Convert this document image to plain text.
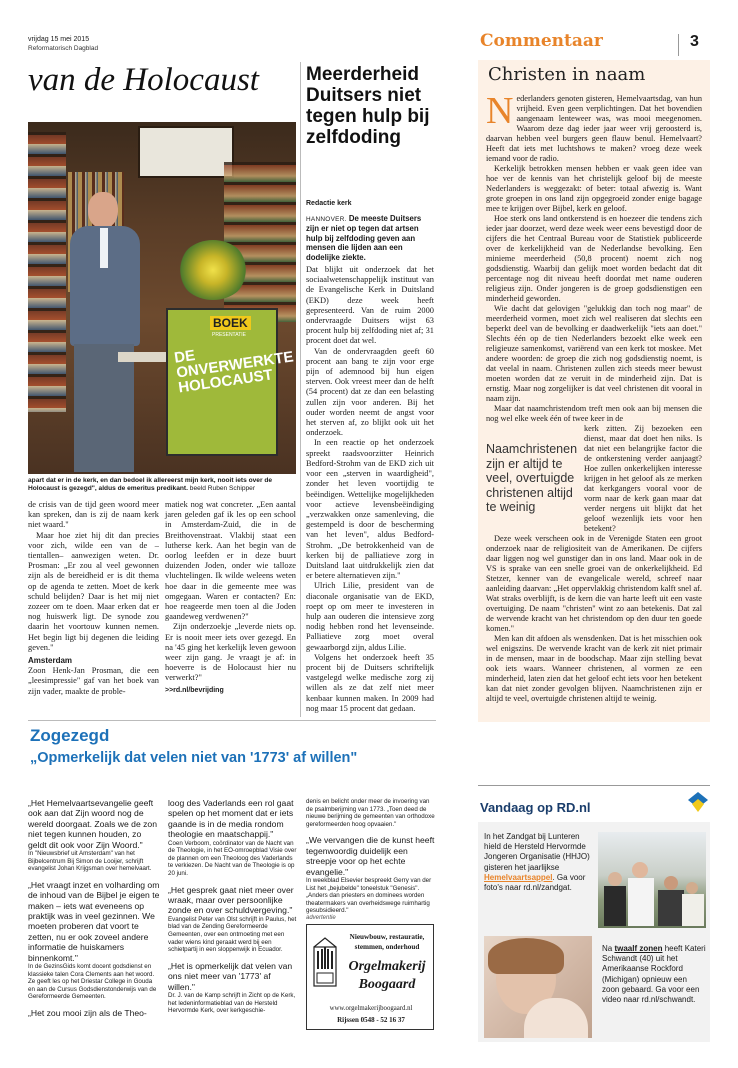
vrijdag 15 mei 2015
Reformatorisch Dagblad	Commentaar	3
van de Holocaust
BOEK
PRESENTATIE
DE ONVERWERKTE HOLOCAUST
apart dat er in de kerk, en dan bedoel ik allereerst mijn kerk, nooit iets over de Holocaust is gezegd", aldus de emeritus predikant. beeld Ruben Schipper

de crisis van de tijd geen woord meer kan spreken, dan is zij de naam kerk niet waard."

Maar hoe ziet hij dit dan precies voor zich, wilde een van de –tientallen– aanwezigen weten. Dr. Prosman: „Er zou al veel gewonnen zijn als de bereidheid er is dit thema op de agenda te zetten. Moet de kerk schuld belijden? Daar is het mij niet zozeer om te doen. Maar erken dat er nog huiswerk ligt. De synode zou daarin het voortouw kunnen nemen. Het begin ligt bij degenen die leiding geven."

Amsterdam

Zoon Henk-Jan Prosman, die een „leesimpressie" gaf van het boek van zijn vader, maakte de proble-

matiek nog wat concreter. „Een aantal jaren geleden gaf ik les op een school in Amsterdam-Zuid, die in de Breithovenstraat. Vlakbij staat een lutherse kerk. Aan het begin van de oorlog leefden er in deze buurt duizenden Joden, onder wie talloze vluchtelingen. Ik wilde weleens weten hoe daar in die gemeente mee was omgegaan. Waren er contacten? En: hoe reageerde men toen al die Joden gaandeweg verdwenen?"

Zijn onderzoekje „leverde niets op. Er is nooit meer iets over gezegd. En na '45 ging het kerkelijk leven gewoon weer zijn gang. Je vraagt je af: in hoeverre is de Holocaust hier nu verwerkt?"

>>rd.nl/bevrijding

Meerderheid Duitsers niet tegen hulp bij zelfdoding
Redactie kerk

HANNOVER. De meeste Duitsers zijn er niet op tegen dat artsen hulp bij zelfdoding geven aan mensen die lijden aan een dodelijke ziekte.

Dat blijkt uit onderzoek dat het sociaalwetenschappelijk instituut van de Evangelische Kerk in Duitsland (EKD) deze week heeft gepresenteerd. Van de ruim 2000 ondervraagde Duitsers wijst 63 procent hulp bij zelfdoding niet af; 31 procent doet dat wel.

Van de ondervraagden geeft 60 procent aan bang te zijn voor erge pijn of ademnood bij hun eigen sterven. Ook vreest meer dan de helft (54 procent) dat ze dan een belasting zullen zijn voor anderen. Bij het ouder worden neemt de angst voor het sterven af, zo blijkt ook uit het onderzoek.

In een reactie op het onderzoek spreekt raadsvoorzitter Heinrich Bedford-Strohm van de EKD zich uit voor een „sterven in waardigheid", zonder het leven voortijdig te beëindigen. Wettelijke mogelijkheden voor actieve levensbeëindiging „verzwakken onze samenleving, die gestempeld is door de bescherming van het leven", aldus Bedford-Strohm. „De betrokkenheid van de kerken bij de palliatieve zorg in Duitsland laat uitdrukkelijk zien dat er betere alternatieven zijn."

Ulrich Lilie, president van de diaconale organisatie van de EKD, roept op om meer te investeren in hulp aan ouderen die intensieve zorg nodig hebben rond het levenseinde. Palliatieve zorg moet overal gewaarborgd zijn, aldus Lilie.

Volgens het onderzoek heeft 35 procent bij de Duitsers schriftelijk vastgelegd welke medische zorg zij willen als ze dat zelf niet meer kenbaar kunnen maken. In 2009 had nog maar 15 procent dat gedaan.

Christen in naam

Nederlanders genoten gisteren, Hemelvaartsdag, van hun vrijheid. Even geen verplichtingen. Dat het bovendien aangenaam lenteweer was, was mooi meegenomen. Waarom deze dag ieder jaar weer vrij geroosterd is, daarvan hebben veel burgers geen flauw benul. Hemelvaart? Heeft dat iets met luchtshows te maken? vroeg deze week iemand voor de radio.

Kerkelijk betrokken mensen hebben er vaak geen idee van hoe ver de kennis van het christelijk geloof bij de meeste Nederlanders is weggezakt: of beter: totaal afwezig is. Want grote groepen in ons land zijn opgegroeid zonder enige bagage mee te krijgen over Bijbel, kerk en geloof.

Hoe sterk ons land ontkerstend is en hoezeer die tendens zich ieder jaar doorzet, werd deze week weer eens bevestigd door de cijfers die het Centraal Bureau voor de Statistiek publiceerde over de kerkelijkheid van de Nederlandse bevolking. Een minieme meerderheid (50,8 procent) noemt zich nog godsdienstig. Waarbij dan gelijk moet worden bedacht dat dit percentage nog dit niveau heeft doordat met name ouderen religieus zijn. Onder jongeren is de groep godsdienstigen een minderheid geworden.

Wie dacht dat gelovigen "gelukkig dan toch nog maar" de meerderheid vormen, moet zich wel realiseren dat slechts een beperkt deel van de bevolking er daadwerkelijk "iets aan doet." Slechts één op de tien Nederlanders bezoekt elke week een religieuze samenkomst, variërend van een kerk tot moskee. Met andere woorden: de groep die zich nog godsdienstig noemt, is dat veelal in naam. Christenen zullen zich steeds meer bewust moeten worden dat ze veruit in de minderheid zijn. Dat is ernstig. Maar nog zorgelijker is dat veel christenen dit vooral in naam zijn.

Maar dat naamchristendom treft men ook aan bij mensen die nog wel elke week één of twee keer in de

Naamchristenen zijn er altijd te veel, overtuigde christenen altijd te weinig

kerk zitten. Zij bezoeken een dienst, maar dat doet hen niks. Is dat niet een belangrijke factor die de ontkerstening verder aanjaagt? Hoe zullen onkerkelijken interesse krijgen in het geloof als ze merken dat kerkgangers vooral voor de vorm naar de kerk gaan maar dat verder nergens uit blijkt dat het geloof wezenlijk iets voor hen betekent?

Deze week verscheen ook in de Verenigde Staten een groot onderzoek naar de religiositeit van de Amerikanen. De cijfers daar liggen nog wel gunstiger dan in ons land. Maar ook in de VS is sprake van een snelle groei van de onkerkelijkheid. Ed Stetzer, kenner van de evangelicale wereld, schreef naar aanleiding daarvan: „Het oppervlakkig christendom kalft snel af. Wat straks overblijft, is de kern die van harte leeft uit een vaste overtuiging. De naam "christen" wint zo aan betekenis. Dat zal de wervende kracht van het christendom op den duur ten goede komen."

Men kan dit afdoen als wensdenken. Dat is het misschien ook wel enigszins. De wervende kracht van de kerk zit niet primair in de mensen, maar in de boodschap. Maar zijn stelling bevat ook iets waars. Wanneer christenen, al vormen ze een minderheid, laten zien dat het geloof echt iets voor hen betekent kan dat niet zonder gevolgen blijven. Naamchristenen zijn er altijd te veel, overtuigde christenen altijd te weinig.

Zogezegd
„Opmerkelijk dat velen niet van '1773' af willen"

„Het Hemelvaartsevangelie geeft ook aan dat Zijn woord nog de wereld doorgaat. Zoals we de zon niet tegen kunnen houden, zo geldt dit ook voor Zijn Woord."

In "Nieuwsbrief uit Amsterdam" van het Bijbelcentrum Bij Simon de Looijer, schrijft evangelist Johan Krijgsman over hemelvaart.

„Het vraagt inzet en volharding om de inhoud van de Bijbel je eigen te maken – iets wat eveneens op praktijk was in veel gezinnen. We moeten proberen dat voort te zetten, nu er ook zoveel andere informatie de huiskamers binnenkomt."

In de GezinsGids komt docent godsdienst en klassieke talen Cora Clements aan het woord. Ze geeft les op het Driestar College in Gouda en aan de Cursus Godsdienstonderwijs van de Gereformeerde Gemeenten.

„Het zou mooi zijn als de Theo-

loog des Vaderlands een rol gaat spelen op het moment dat er iets gaande is in de media rondom theologie en maatschappij."

Coen Verboom, coördinator van de Nacht van de Theologie, in het EO-omroepblad Visie over de plannen om een Theoloog des Vaderlands te verkiezen. De Nacht van de Theologie is op 20 juni.

„Het gesprek gaat niet meer over wraak, maar over persoonlijke zonde en over schuldvergeving."

Evangelist Peter van Olst schrijft in Paulus, het blad van de Zending Gereformeerde Gemeenten, over een ontmoeting met een vader wiens kind geraakt werd bij een schietpartij in een sloppenwijk in Ecuador.

„Het is opmerkelijk dat velen van ons niet meer van '1773' af willen."

Dr. J. van de Kamp schrijft in Zicht op de Kerk, het ledeninformatieblad van de Hersteld Hervormde Kerk, over kerkgeschie-

denis en belicht onder meer de invoering van de psalmberijming van 1773. „Toen deed de nieuwe berijming de gemeenten van orthodoxe gereformeerden hoog opvaaien."

„We vervangen die de kunst heeft tegenwoordig duidelijk een streepje voor op het echte evangelie."

In weekblad Elsevier bespreekt Gerry van der List het „bejubelde" toneelstuk "Genesis". „Anders dan priesters en dominees worden theatermakers van overheidswege ruimhartig gesubsidieerd."

advertentie
Nieuwbouw, restauratie,
stemmen, onderhoud
Orgelmakerij
Boogaard
www.orgelmakerijboogaard.nl
Rijssen 0548 - 52 16 37
Vandaag op RD.nl
In het Zandgat bij Lunteren hield de Hersteld Hervormde Jongeren Organisatie (HHJO) gisteren het jaarlijkse Hemelvaartsappel. Ga voor foto's naar rd.nl/zandgat.
Na twaalf zonen heeft Kateri Schwandt (40) uit het Amerikaanse Rockford (Michigan) opnieuw een zoon gebaard. Ga voor een video naar rd.nl/schwandt.
